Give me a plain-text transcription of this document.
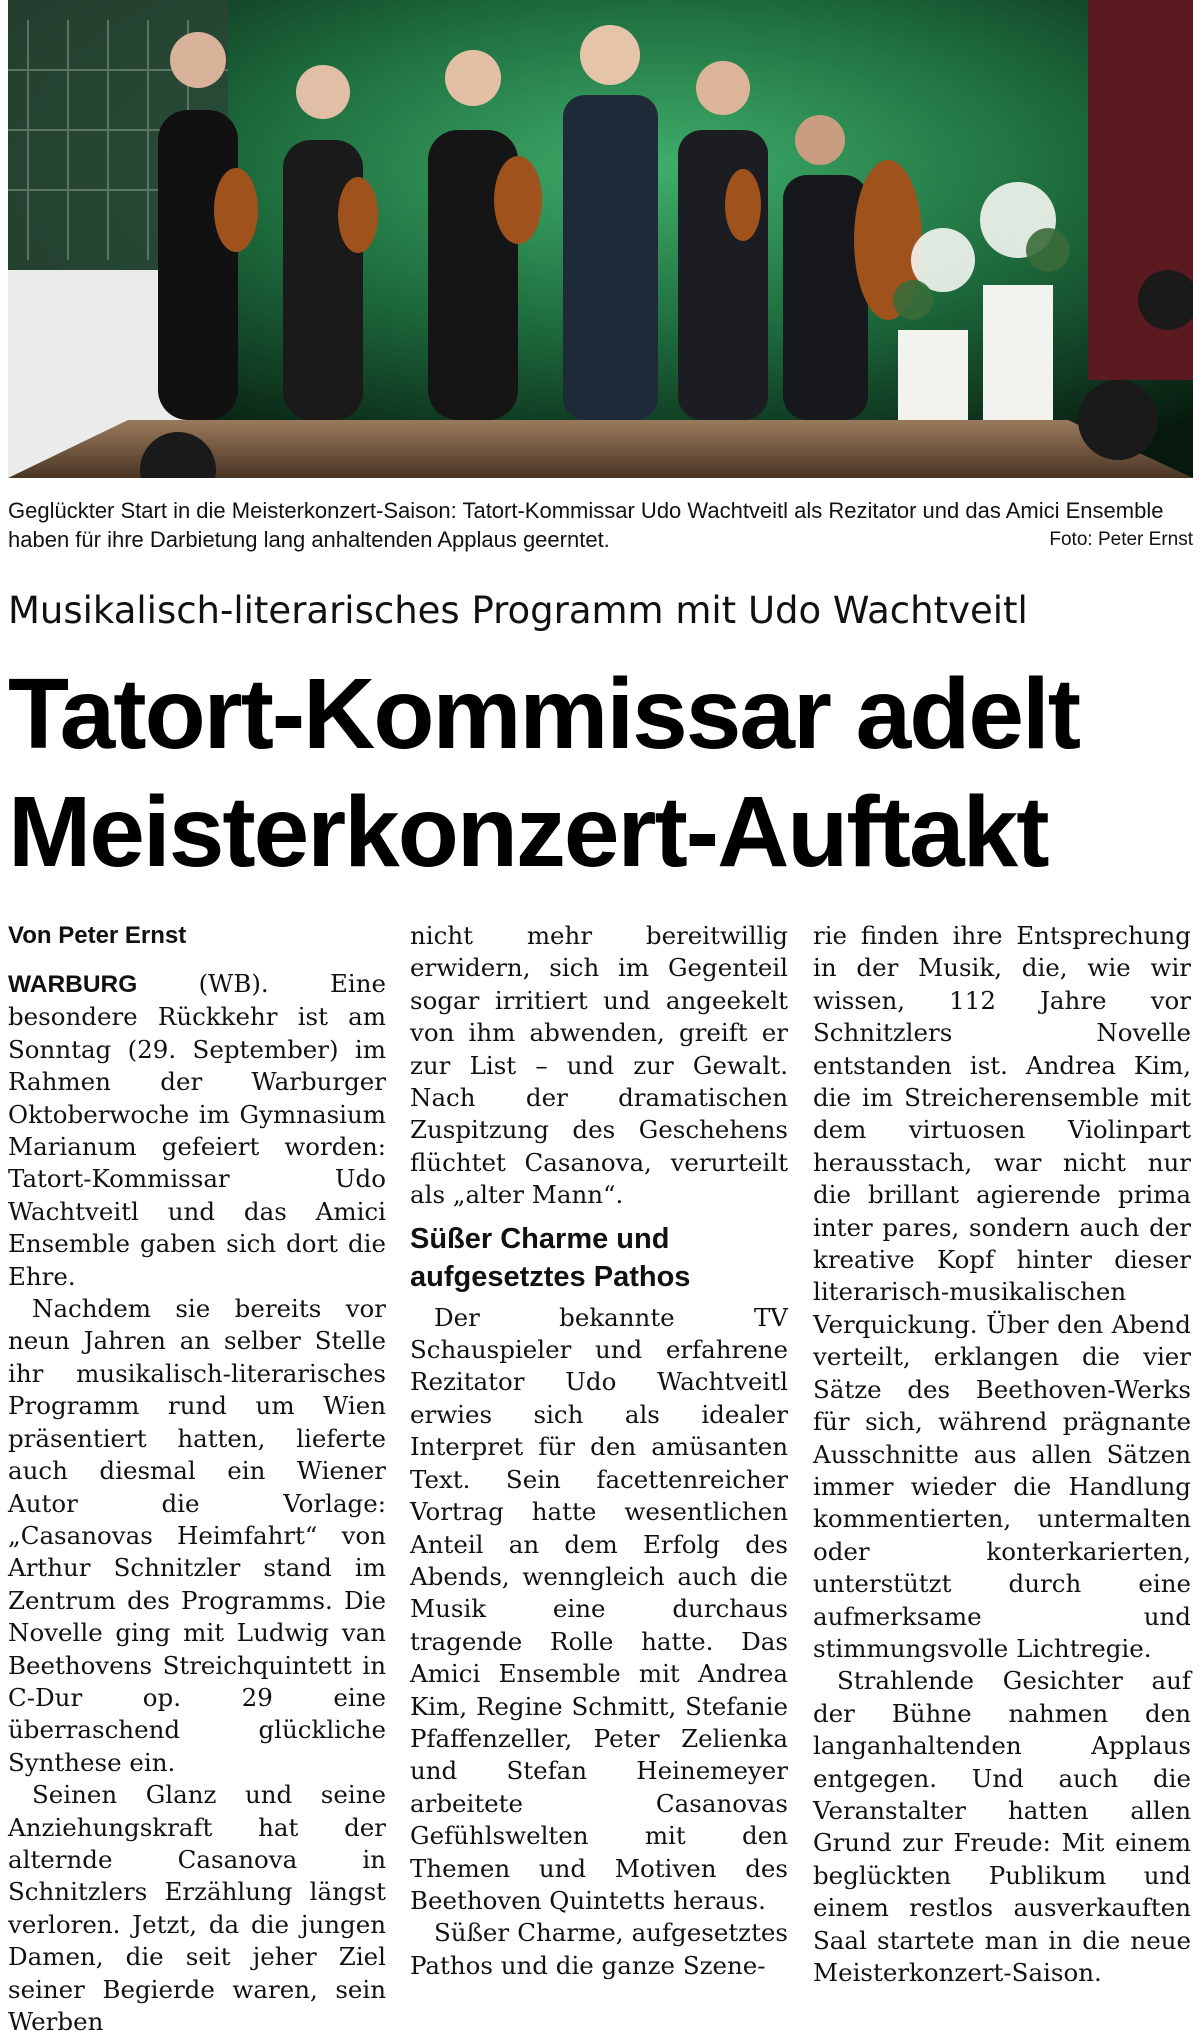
Geglückter Start in die Meisterkonzert-Saison: Tatort-Kommissar Udo Wachtveitl als Rezitator und das Amici Ensemble haben für ihre Darbietung lang anhaltenden Applaus geerntet.	Foto: Peter Ernst
Musikalisch-literarisches Programm mit Udo Wachtveitl
Tatort-Kommissar adelt
Meisterkonzert-Auftakt
Von Peter Ernst

WARBURG (WB). Eine besondere Rückkehr ist am Sonntag (29. September) im Rahmen der Warburger Oktoberwoche im Gymnasium Marianum gefeiert worden: Tatort-Kommissar Udo Wachtveitl und das Amici Ensemble gaben sich dort die Ehre.

Nachdem sie bereits vor neun Jahren an selber Stelle ihr musikalisch-literarisches Programm rund um Wien präsentiert hatten, lieferte auch diesmal ein Wiener Autor die Vorlage: „Casanovas Heimfahrt“ von Arthur Schnitzler stand im Zentrum des Programms. Die Novelle ging mit Ludwig van Beethovens Streichquintett in C-Dur op. 29 eine überraschend glückliche Synthese ein.

Seinen Glanz und seine Anziehungskraft hat der alternde Casanova in Schnitzlers Erzählung längst verloren. Jetzt, da die jungen Damen, die seit jeher Ziel seiner Begierde waren, sein Werben

nicht mehr bereitwillig erwidern, sich im Gegenteil sogar irritiert und angeekelt von ihm abwenden, greift er zur List – und zur Gewalt. Nach der dramatischen Zuspitzung des Geschehens flüchtet Casanova, verurteilt als „alter Mann“.

Süßer Charme und aufgesetztes Pathos

Der bekannte TV Schauspieler und erfahrene Rezitator Udo Wachtveitl erwies sich als idealer Interpret für den amüsanten Text. Sein facettenreicher Vortrag hatte wesentlichen Anteil an dem Erfolg des Abends, wenngleich auch die Musik eine durchaus tragende Rolle hatte. Das Amici Ensemble mit Andrea Kim, Regine Schmitt, Stefanie Pfaffenzeller, Peter Zelienka und Stefan Heinemeyer arbeitete Casanovas Gefühlswelten mit den Themen und Motiven des Beethoven Quintetts heraus.

Süßer Charme, aufgesetztes Pathos und die ganze Szene-

rie finden ihre Entsprechung in der Musik, die, wie wir wissen, 112 Jahre vor Schnitzlers Novelle entstanden ist. Andrea Kim, die im Streicherensemble mit dem virtuosen Violinpart herausstach, war nicht nur die brillant agierende prima inter pares, sondern auch der kreative Kopf hinter dieser literarisch-musikalischen Verquickung. Über den Abend verteilt, erklangen die vier Sätze des Beethoven-Werks für sich, während prägnante Ausschnitte aus allen Sätzen immer wieder die Handlung kommentierten, untermalten oder konterkarierten, unterstützt durch eine aufmerksame und stimmungsvolle Lichtregie.

Strahlende Gesichter auf der Bühne nahmen den langanhaltenden Applaus entgegen. Und auch die Veranstalter hatten allen Grund zur Freude: Mit einem beglückten Publikum und einem restlos ausverkauften Saal startete man in die neue Meisterkonzert-Saison.
